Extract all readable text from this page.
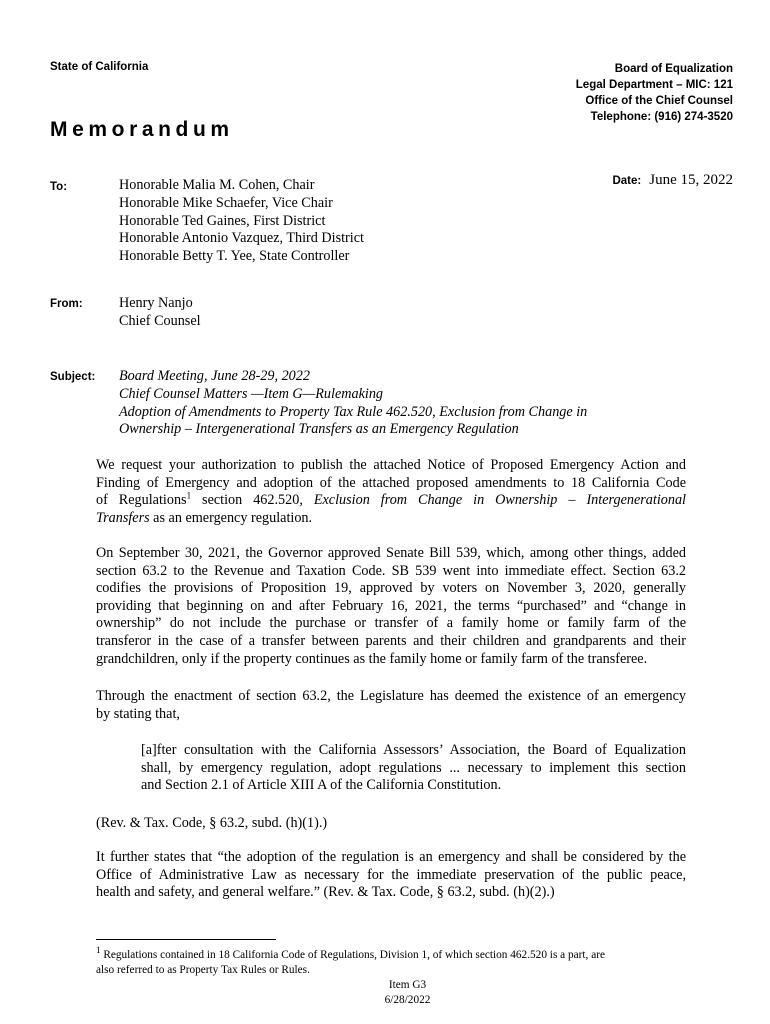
State of California	Board of Equalization
Legal Department – MIC: 121
Office of the Chief Counsel
Telephone: (916) 274-3520
Memorandum
Date: June 15, 2022
To:	Honorable Malia M. Cohen, Chair
Honorable Mike Schaefer, Vice Chair
Honorable Ted Gaines, First District
Honorable Antonio Vazquez, Third District
Honorable Betty T. Yee, State Controller
From:	Henry Nanjo
Chief Counsel
Subject: Board Meeting, June 28-29, 2022
Chief Counsel Matters —Item G—Rulemaking
Adoption of Amendments to Property Tax Rule 462.520, Exclusion from Change in
Ownership – Intergenerational Transfers as an Emergency Regulation
We request your authorization to publish the attached Notice of Proposed Emergency Action and
Finding of Emergency and adoption of the attached proposed amendments to 18 California Code
of Regulations$^1$ section 462.520, Exclusion from Change in Ownership – Intergenerational
Transfers as an emergency regulation.
On September 30, 2021, the Governor approved Senate Bill 539, which, among other things, added
section 63.2 to the Revenue and Taxation Code. SB 539 went into immediate effect. Section 63.2
codifies the provisions of Proposition 19, approved by voters on November 3, 2020, generally
providing that beginning on and after February 16, 2021, the terms “purchased” and “change in
ownership” do not include the purchase or transfer of a family home or family farm of the
transferor in the case of a transfer between parents and their children and grandparents and their
grandchildren, only if the property continues as the family home or family farm of the transferee.
Through the enactment of section 63.2, the Legislature has deemed the existence of an emergency
by stating that,
[a]fter consultation with the California Assessors’ Association, the Board of Equalization
shall, by emergency regulation, adopt regulations ... necessary to implement this section
and Section 2.1 of Article XIII A of the California Constitution.
(Rev. & Tax. Code, § 63.2, subd. (h)(1).)
It further states that “the adoption of the regulation is an emergency and shall be considered by the
Office of Administrative Law as necessary for the immediate preservation of the public peace,
health and safety, and general welfare.” (Rev. & Tax. Code, § 63.2, subd. (h)(2).)
$^1$ Regulations contained in 18 California Code of Regulations, Division 1, of which section 462.520 is a part, are
also referred to as Property Tax Rules or Rules.
Item G3
6/28/2022
